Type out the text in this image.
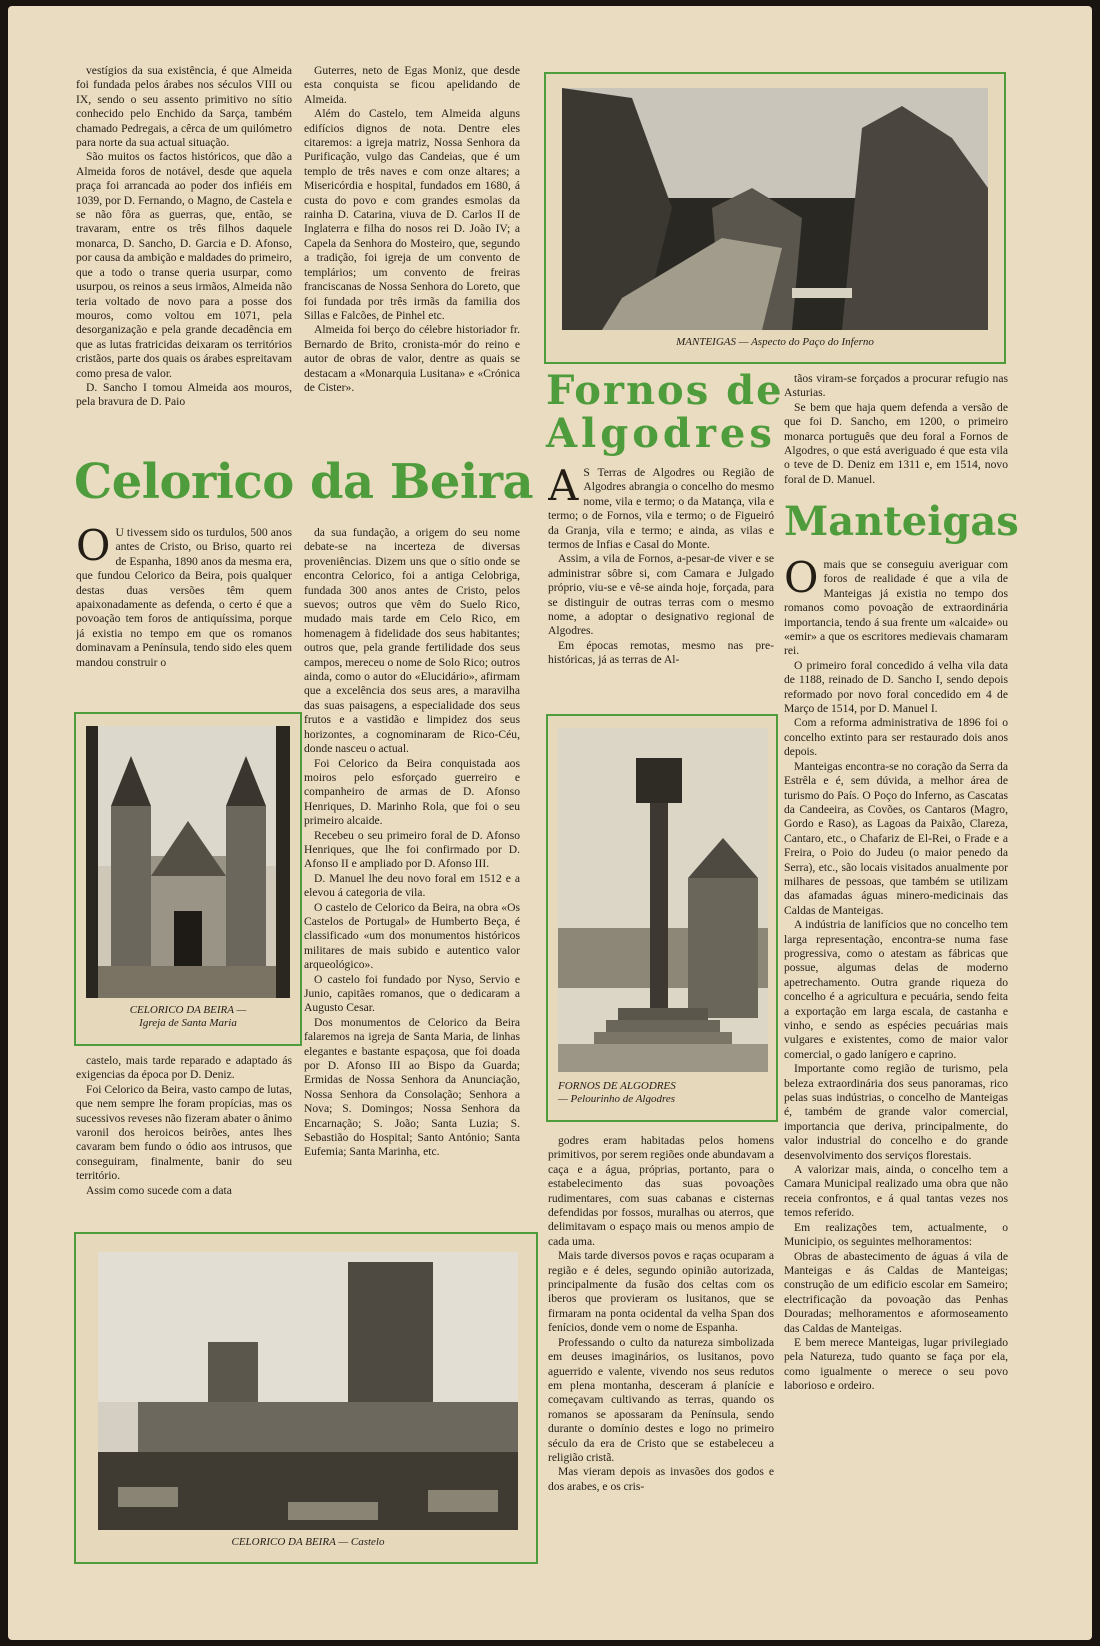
vestígios da sua existência, é que Almeida foi fundada pelos árabes nos séculos VIII ou IX, sendo o seu assento primitivo no sítio conhecido pelo Enchido da Sarça, também chamado Pedregais, a cêrca de um quilómetro para norte da sua actual situação.

São muitos os factos históricos, que dão a Almeida foros de notável, desde que aquela praça foi arrancada ao poder dos infiéis em 1039, por D. Fernando, o Magno, de Castela e se não fôra as guerras, que, então, se travaram, entre os três filhos daquele monarca, D. Sancho, D. Garcia e D. Afonso, por causa da ambição e maldades do primeiro, que a todo o transe queria usurpar, como usurpou, os reinos a seus irmãos, Almeida não teria voltado de novo para a posse dos mouros, como voltou em 1071, pela desorganização e pela grande decadência em que as lutas fratricidas deixaram os territórios cristãos, parte dos quais os árabes espreitavam como presa de valor.

D. Sancho I tomou Almeida aos mouros, pela bravura de D. Paio

Guterres, neto de Egas Moniz, que desde esta conquista se ficou apelidando de Almeida.

Além do Castelo, tem Almeida alguns edifícios dignos de nota. Dentre eles citaremos: a igreja matriz, Nossa Senhora da Purificação, vulgo das Candeias, que é um templo de três naves e com onze altares; a Misericórdia e hospital, fundados em 1680, á custa do povo e com grandes esmolas da rainha D. Catarina, viuva de D. Carlos II de Inglaterra e filha do nosos rei D. João IV; a Capela da Senhora do Mosteiro, que, segundo a tradição, foi igreja de um convento de templários; um convento de freiras franciscanas de Nossa Senhora do Loreto, que foi fundada por três irmãs da familia dos Sillas e Falcões, de Pinhel etc.

Almeida foi berço do célebre historiador fr. Bernardo de Brito, cronista-mór do reino e autor de obras de valor, dentre as quais se destacam a «Monarquia Lusitana» e «Crónica de Cister».

Celorico da Beira

O U tivessem sido os turdulos, 500 anos antes de Cristo, ou Briso, quarto rei de Espanha, 1890 anos da mesma era, que fundou Celorico da Beira, pois qualquer destas duas versões têm quem apaixonadamente as defenda, o certo é que a povoação tem foros de antiquíssima, porque já existia no tempo em que os romanos dominavam a Península, tendo sido eles quem mandou construir o

CELORICO DA BEIRA —
Igreja de Santa Maria

castelo, mais tarde reparado e adaptado ás exigencias da época por D. Deniz.

Foi Celorico da Beira, vasto campo de lutas, que nem sempre lhe foram propícias, mas os sucessivos reveses não fizeram abater o ânimo varonil dos heroicos beirões, antes lhes cavaram bem fundo o ódio aos intrusos, que conseguiram, finalmente, banir do seu território.

Assim como sucede com a data

da sua fundação, a origem do seu nome debate-se na incerteza de diversas proveniências. Dizem uns que o sítio onde se encontra Celorico, foi a antiga Celobriga, fundada 300 anos antes de Cristo, pelos suevos; outros que vêm do Suelo Rico, mudado mais tarde em Celo Rico, em homenagem à fidelidade dos seus habitantes; outros que, pela grande fertilidade dos seus campos, mereceu o nome de Solo Rico; outros ainda, como o autor do «Elucidário», afirmam que a excelência dos seus ares, a maravilha das suas paisagens, a especialidade dos seus frutos e a vastidão e limpidez dos seus horizontes, a cognominaram de Rico-Céu, donde nasceu o actual.

Foi Celorico da Beira conquistada aos moiros pelo esforçado guerreiro e companheiro de armas de D. Afonso Henriques, D. Marinho Rola, que foi o seu primeiro alcaide.

Recebeu o seu primeiro foral de D. Afonso Henriques, que lhe foi confirmado por D. Afonso II e ampliado por D. Afonso III.

D. Manuel lhe deu novo foral em 1512 e a elevou á categoria de vila.

O castelo de Celorico da Beira, na obra «Os Castelos de Portugal» de Humberto Beça, é classificado «um dos monumentos históricos militares de mais subido e autentico valor arqueológico».

O castelo foi fundado por Nyso, Servio e Junio, capitães romanos, que o dedicaram a Augusto Cesar.

Dos monumentos de Celorico da Beira falaremos na igreja de Santa Maria, de linhas elegantes e bastante espaçosa, que foi doada por D. Afonso III ao Bispo da Guarda; Ermidas de Nossa Senhora da Anunciação, Nossa Senhora da Consolação; Senhora a Nova; S. Domingos; Nossa Senhora da Encarnação; S. João; Santa Luzia; S. Sebastião do Hospital; Santo António; Santa Eufemia; Santa Marinha, etc.

CELORICO DA BEIRA — Castelo
MANTEIGAS — Aspecto do Paço do Inferno
Fornos de
Algodres

A S Terras de Algodres ou Região de Algodres abrangia o concelho do mesmo nome, vila e termo; o da Matança, vila e termo; o de Fornos, vila e termo; o de Figueiró da Granja, vila e termo; e ainda, as vilas e termos de Infias e Casal do Monte.

Assim, a vila de Fornos, a-pesar-de viver e se administrar sôbre si, com Camara e Julgado próprio, viu-se e vê-se ainda hoje, forçada, para se distinguir de outras terras com o mesmo nome, a adoptar o designativo regional de Algodres.

Em épocas remotas, mesmo nas pre-históricas, já as terras de Al-

FORNOS DE ALGODRES
— Pelourinho de Algodres

godres eram habitadas pelos homens primitivos, por serem regiões onde abundavam a caça e a água, próprias, portanto, para o estabelecimento das suas povoações rudimentares, com suas cabanas e cisternas defendidas por fossos, muralhas ou aterros, que delimitavam o espaço mais ou menos ampio de cada uma.

Mais tarde diversos povos e raças ocuparam a região e é deles, segundo opinião autorizada, principalmente da fusão dos celtas com os iberos que provieram os lusitanos, que se firmaram na ponta ocidental da velha Span dos fenícios, donde vem o nome de Espanha.

Professando o culto da natureza simbolizada em deuses imaginários, os lusitanos, povo aguerrido e valente, vivendo nos seus redutos em plena montanha, desceram á planície e começavam cultivando as terras, quando os romanos se apossaram da Península, sendo durante o domínio destes e logo no primeiro século da era de Cristo que se estabeleceu a religião cristã.

Mas vieram depois as invasões dos godos e dos arabes, e os cris-

tãos viram-se forçados a procurar refugio nas Asturias.

Se bem que haja quem defenda a versão de que foi D. Sancho, em 1200, o primeiro monarca português que deu foral a Fornos de Algodres, o que está averiguado é que esta vila o teve de D. Deniz em 1311 e, em 1514, novo foral de D. Manuel.

Manteigas

Omais que se conseguiu averiguar com foros de realidade é que a vila de Manteigas já existia no tempo dos romanos como povoação de extraordinária importancia, tendo á sua frente um «alcaide» ou «emir» a que os escritores medievais chamaram rei.

O primeiro foral concedido á velha vila data de 1188, reinado de D. Sancho I, sendo depois reformado por novo foral concedido em 4 de Março de 1514, por D. Manuel I.

Com a reforma administrativa de 1896 foi o concelho extinto para ser restaurado dois anos depois.

Manteigas encontra-se no coração da Serra da Estrêla e é, sem dúvida, a melhor área de turismo do País. O Poço do Inferno, as Cascatas da Candeeira, as Covões, os Cantaros (Magro, Gordo e Raso), as Lagoas da Paixão, Clareza, Cantaro, etc., o Chafariz de El-Rei, o Frade e a Freira, o Poio do Judeu (o maior penedo da Serra), etc., são locais visitados anualmente por milhares de pessoas, que também se utilizam das afamadas águas minero-medicinais das Caldas de Manteigas.

A indústria de lanifícios que no concelho tem larga representação, encontra-se numa fase progressiva, como o atestam as fábricas que possue, algumas delas de moderno apetrechamento. Outra grande riqueza do concelho é a agricultura e pecuária, sendo feita a exportação em larga escala, de castanha e vinho, e sendo as espécies pecuárias mais vulgares e existentes, como de maior valor comercial, o gado lanígero e caprino.

Importante como região de turismo, pela beleza extraordinária dos seus panoramas, rico pelas suas indústrias, o concelho de Manteigas é, também de grande valor comercial, importancia que deriva, principalmente, do valor industrial do concelho e do grande desenvolvimento dos serviços florestais.

A valorizar mais, ainda, o concelho tem a Camara Municipal realizado uma obra que não receia confrontos, e á qual tantas vezes nos temos referido.

Em realizações tem, actualmente, o Municipio, os seguintes melhoramentos:

Obras de abastecimento de águas á vila de Manteigas e ás Caldas de Manteigas; construção de um edificio escolar em Sameiro; electrificação da povoação das Penhas Douradas; melhoramentos e aformoseamento das Caldas de Manteigas.

E bem merece Manteigas, lugar privilegiado pela Natureza, tudo quanto se faça por ela, como igualmente o merece o seu povo laborioso e ordeiro.
